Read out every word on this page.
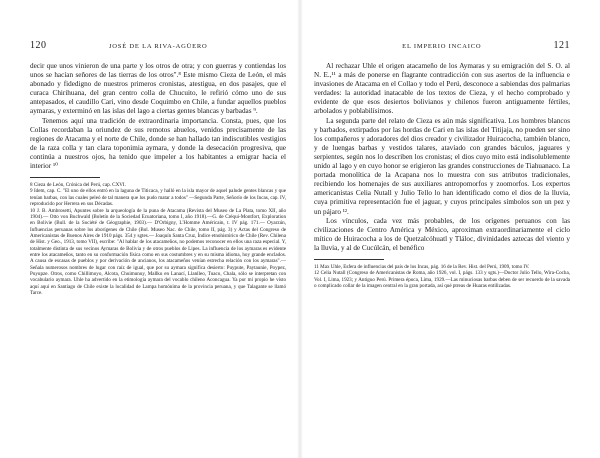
120	JOSÉ DE LA RIVA-AGÜERO

decir que unos vinieron de una parte y los otros de otra; y con guerras y contiendas los unos se hacían señores de las tierras de los otros".⁸ Este mismo Cieza de León, el más abonado y fidedigno de nuestros primeros cronistas, atestigua, en dos pasajes, que el curaca Chirihuana, del gran centro colla de Chucuito, le refirió cómo uno de sus antepasados, el caudillo Cari, vino desde Coquimbo en Chile, a fundar aquellos pueblos aymaras, y exterminó en las islas del lago a ciertas gentes blancas y barbadas ⁹.

Tenemos aquí una tradición de extraordinaria importancia. Consta, pues, que los Collas recordaban la oriundez de sus remotos abuelos, venidos precisamente de las regiones de Atacama y el norte de Chile, donde se han hallado tan indiscutibles vestigios de la raza colla y tan clara toponimia aymara, y donde la desecación progresiva, que continúa a nuestros ojos, ha tenido que impeler a los habitantes a emigrar hacia el interior ¹⁰

8 Cieza de León, Crónica del Perú, cap. CXVI.

9 Idem, cap. C. "El uno de ellos entró en la laguna de Titicaca, y halló en la isla mayor de aquel palude gentes blancas y que tenían barbas, con las cuales peleó de tal manera que los pudo matar a todos" —Segunda Parte, Señorío de los Incas, cap. IV, reproducido por Herrera en sus Décadas.

10 J. B. Ambrosetti, Apuntes sobre la arqueología de la puna de Atacama (Revista del Museo de La Plata, tomo XII, año 1904).— Otto von Buchwald (Boletín de la Sociedad Ecuatoriana, tomo I, año 1918).—G. de Créqui-Montfort, Exploration en Bolivie (Bull. de la Société de Géographie, 1903).— D'Orbigny, L'Homme Américain, t. IV pág. 171.— Oyarzún, Influencias peruanas sobre los aborígenes de Chile (Bol. Museo Nac. de Chile, tomo II, pág. 3) y Actas del Congreso de Americanistas de Buenos Aires de 1910 págs. 354 y sgtes.— Joaquín Santa Cruz, Índice etnohistórico de Chile (Rev. Chilena de Hist. y Geo., 1913, tomo VII), escribe: "Al hablar de los atacameños, no podemos reconocer en ellos una raza especial. Y, totalmente distinta de sus vecinos Aymaras de Bolivia y de otros pueblos de Lipes. La influencia de los aymaras es evidente entre los atacameños, tanto en su conformación física como en sus costumbres y en su misma idioma, hoy grande enclados. A causa de escasas de pueblos y por derivación de ancianos, los atacameños venían estrecha relación con los aymaras".— Señala numerosos nombres de lugar con raíz de igual, que por su aymara significa desierto: Puypute, Paytaunie, Poypez, Puyupze. Otros, como Chillimoyo, Alcota, Chuimunuy, Mallku en Lanací, Llanlleo, Tuaco, Chala, sólo se interpretan con vocabulario aymara. Uhle ha advertido en la etimología aymara del vocablo chileno Aconcagua. Ya por mí propio he visto aquí aquí en Santiago de Chile existe la localidad de Lampa homónima de la provincia peruana, y que Talagante se llamó Tarce.

EL IMPERIO INCAICO	121

Al rechazar Uhle el origen atacameño de los Aymaras y su emigración del S. O. al N. E.,¹¹ a más de ponerse en flagrante contradicción con sus asertos de la influencia e invasiones de Atacama en el Collao y todo el Perú, desconoce a sabiendas dos palmarias verdades: la autoridad inatacable de los textos de Cieza, y el hecho comprobado y evidente de que esos desiertos bolivianos y chilenos fueron antiguamente fértiles, arbolados y poblabilísimos.

La segunda parte del relato de Cieza es aún más significativa. Los hombres blancos y barbados, extirpados por las hordas de Cari en las islas del Titijaja, no pueden ser sino los compañeros y adoradores del dios creador y civilizador Huiracocha, también blanco, y de luengas barbas y vestidos talares, atavíado con grandes báculos, jaguares y serpientes, según nos lo describen los cronistas; el dios cuyo mito está indisolublemente unido al lago y en cuyo honor se erigieron las grandes construcciones de Tiahuanaco. La portada monolítica de la Acapana nos lo muestra con sus atributos tradicionales, recibiendo los homenajes de sus auxiliares antropomorfos y zoomorfos. Los expertos americanistas Celia Nutall y Julio Tello lo han identificado como el dios de la lluvia, cuya primitiva representación fue el jaguar, y cuyos principales símbolos son un pez y un pájaro ¹².

Los vínculos, cada vez más probables, de los orígenes peruanos con las civilizaciones de Centro América y México, aproximan extraordinariamente el ciclo mítico de Huiracocha a los de Quetzalcóhuatl y Tláloc, divinidades aztecas del viento y la lluvia, y al de Cucúlcán, el benéfico

11 Max Uhle, Esfera de influencias del país de los Incas, pág. 16 de la Rev. Hist. del Perú, 1909, tomo IV.

12 Celia Nutall (Congreso de Americanistas de Roma, año 1926, vol. I, págs. 133 y sgts.)—Doctor Julio Tello, Wira-Cocha, Vol. I, Lima, 1923; y Antiguo Perú. Primera época, Lima, 1929.—Las minuciosas barbas deben de ser recuerdo de la savada o complicado collar de la imagen central en la gran portada, así qué ptreas de Huaras entilizadas.
